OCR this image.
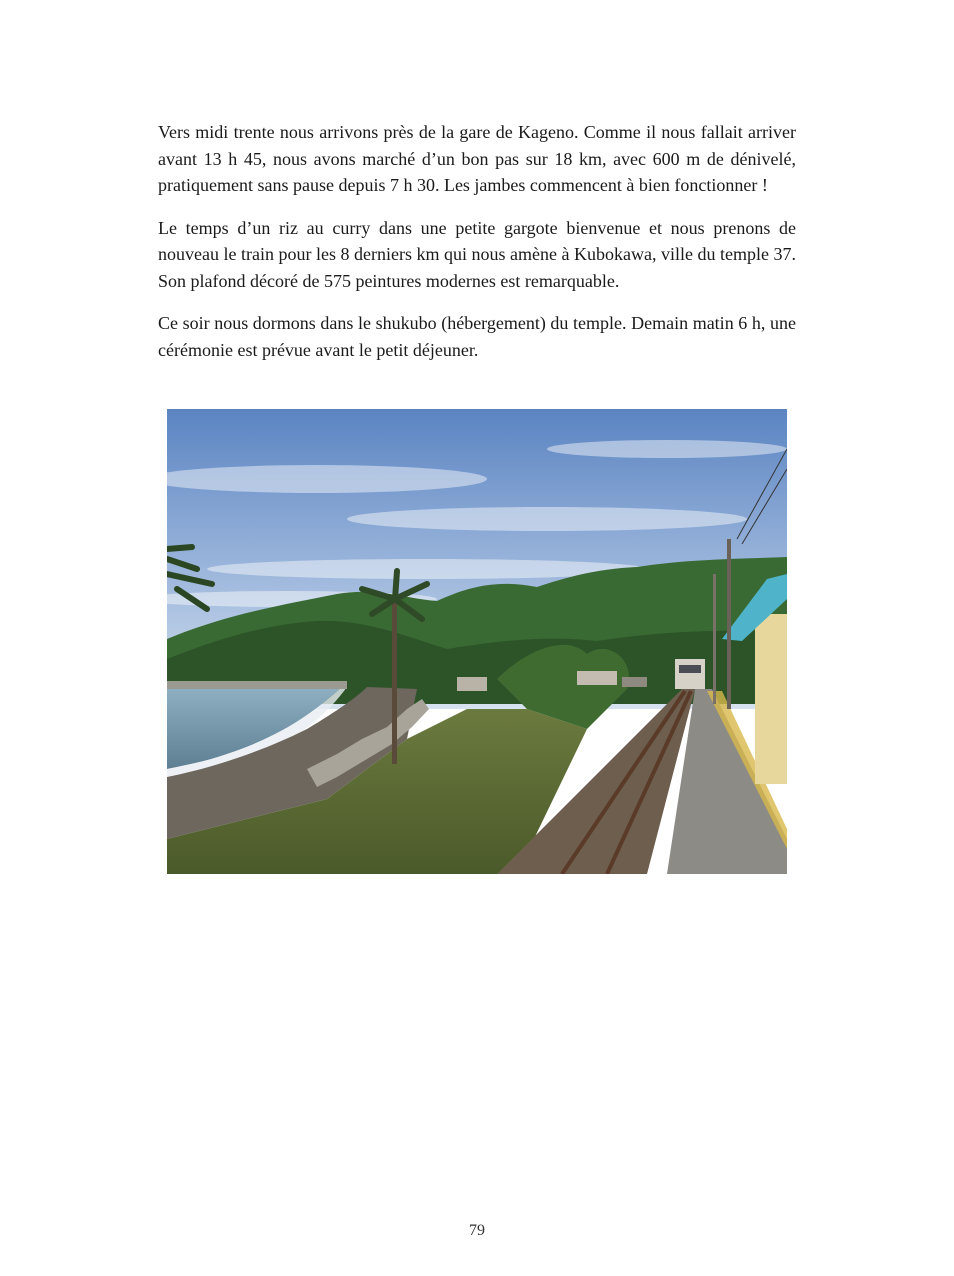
Vers midi trente nous arrivons près de la gare de Kageno. Comme il nous fallait arriver avant 13 h 45, nous avons marché d’un bon pas sur 18 km, avec 600 m de dénivelé, pratiquement sans pause depuis 7 h 30. Les jambes commencent à bien fonctionner !

Le temps d’un riz au curry dans une petite gargote bienvenue et nous prenons de nouveau le train pour les 8 derniers km qui nous amène à Kubokawa, ville du temple 37. Son plafond décoré de 575 peintures modernes est remarquable.

Ce soir nous dormons dans le shukubo (hébergement) du temple. Demain matin 6 h, une cérémonie est prévue avant le petit déjeuner.

79
